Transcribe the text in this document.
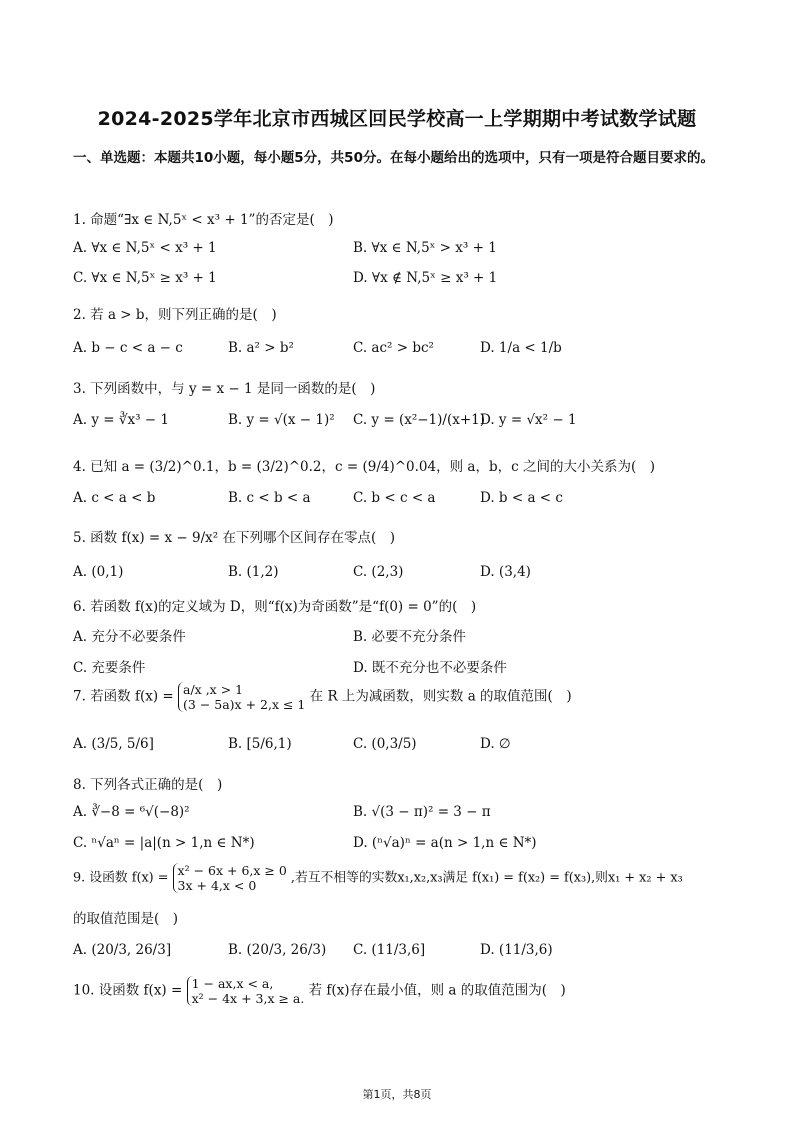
2024-2025学年北京市西城区回民学校高一上学期期中考试数学试题
一、单选题：本题共10小题，每小题5分，共50分。在每小题给出的选项中，只有一项是符合题目要求的。
1. 命题“∃x ∈ N,5ˣ < x³ + 1”的否定是(　)
A. ∀x ∈ N,5ˣ < x³ + 1	B. ∀x ∈ N,5ˣ > x³ + 1
C. ∀x ∈ N,5ˣ ≥ x³ + 1	D. ∀x ∉ N,5ˣ ≥ x³ + 1
2. 若 a > b，则下列正确的是(　)
A. b − c < a − c	B. a² > b²	C. ac² > bc²	D. 1/a < 1/b
3. 下列函数中，与 y = x − 1 是同一函数的是(　)
A. y = ∛x³ − 1	B. y = √(x − 1)² C. y = (x²−1)/(x+1)
D. y = √x² − 1
4. 已知 a = (3/2)^0.1，b = (3/2)^0.2，c = (9/4)^0.04，则 a，b，c 之间的大小关系为(　)
A. c < a < b	B. c < b < a	C. b < c < a	D. b < a < c
5. 函数 f(x) = x − 9/x² 在下列哪个区间存在零点(　)
A. (0,1)	B. (1,2)	C. (2,3)	D. (3,4)
6. 若函数 f(x)的定义域为 D，则“f(x)为奇函数”是“f(0) = 0”的(　)
A. 充分不必要条件	B. 必要不充分条件
C. 充要条件	D. 既不充分也不必要条件
7. 若函数 f(x) = a/x ,x > 1
(3 − 5a)x + 2,x ≤ 1 在 R 上为减函数，则实数 a 的取值范围(　)
A. (3/5, 5/6]	B. [5/6,1)	C. (0,3/5)	D. ∅
8. 下列各式正确的是(　)
A. ∛−8 = ⁶√(−8)²	B. √(3 − π)² = 3 − π
C. ⁿ√aⁿ = |a|(n > 1,n ∈ N*)	D. (ⁿ√a)ⁿ = a(n > 1,n ∈ N*)
9. 设函数 f(x) = x² − 6x + 6,x ≥ 0
3x + 4,x < 0	,若互不相等的实数x₁,x₂,x₃满足 f(x₁) = f(x₂) = f(x₃),则x₁ + x₂ + x₃
的取值范围是(　)
A. (20/3, 26/3]	B. (20/3, 26/3) C. (11/3,6]	D. (11/3,6)
10. 设函数 f(x) = 1 − ax,x < a,
x² − 4x + 3,x ≥ a. 若 f(x)存在最小值，则 a 的取值范围为(　)
第1页，共8页
